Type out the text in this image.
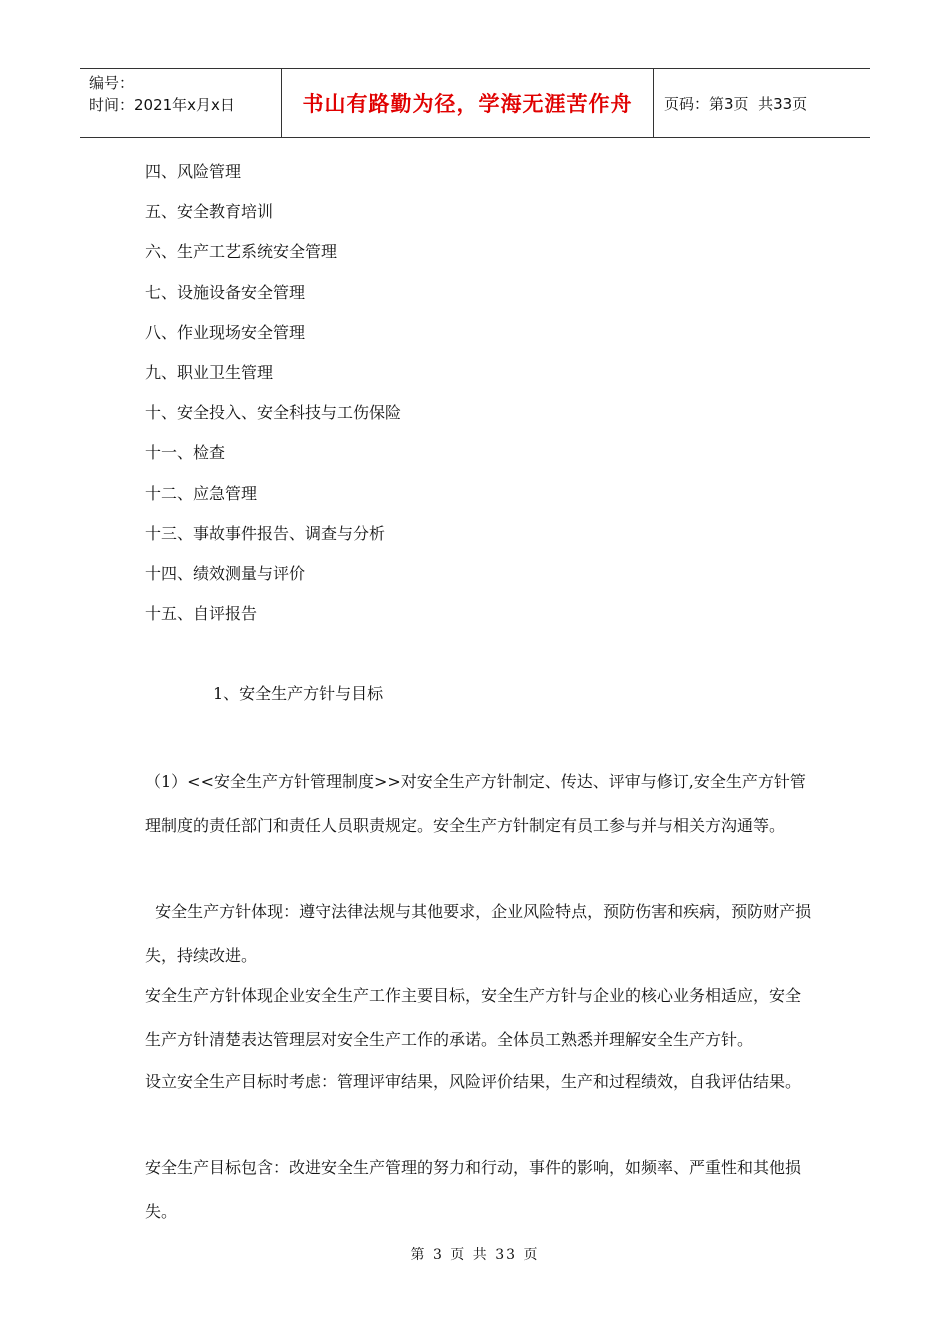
编号：
时间：2021年x月x日	书山有路勤为径，学海无涯苦作舟	页码：第3页  共33页
四、风险管理
五、安全教育培训
六、生产工艺系统安全管理
七、设施设备安全管理
八、作业现场安全管理
九、职业卫生管理
十、安全投入、安全科技与工伤保险
十一、检查
十二、应急管理
十三、事故事件报告、调查与分析
十四、绩效测量与评价
十五、自评报告
1、安全生产方针与目标
（1）<<安全生产方针管理制度>>对安全生产方针制定、传达、评审与修订,安全生产方针管理制度的责任部门和责任人员职责规定。安全生产方针制定有员工参与并与相关方沟通等。
安全生产方针体现：遵守法律法规与其他要求，企业风险特点，预防伤害和疾病，预防财产损失，持续改进。
安全生产方针体现企业安全生产工作主要目标，安全生产方针与企业的核心业务相适应，安全生产方针清楚表达管理层对安全生产工作的承诺。全体员工熟悉并理解安全生产方针。
设立安全生产目标时考虑：管理评审结果，风险评价结果，生产和过程绩效，自我评估结果。
安全生产目标包含：改进安全生产管理的努力和行动，事件的影响，如频率、严重性和其他损失。
第 3 页 共 33 页
